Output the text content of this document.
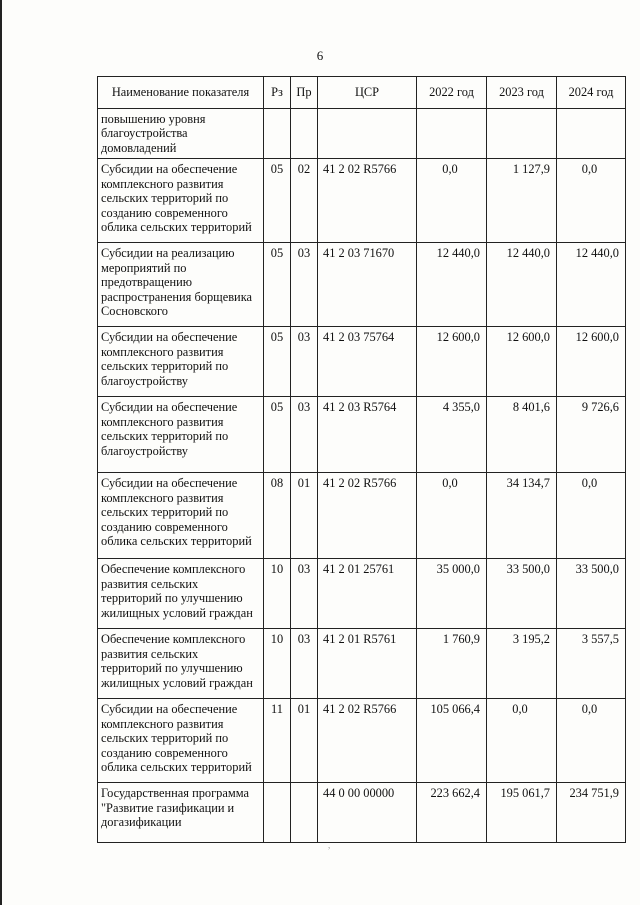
6
Наименование показателя	Рз	Пр	ЦСР	2022 год	2023 год	2024 год
повышению уровня благоустройства домовладений						
Субсидии на обеспечение комплексного развития сельских территорий по созданию современного облика сельских территорий	05	02	41 2 02 R5766	0,0	1 127,9	0,0
Субсидии на реализацию мероприятий по предотвращению распространения борщевика Сосновского	05	03	41 2 03 71670	12 440,0	12 440,0	12 440,0
Субсидии на обеспечение комплексного развития сельских территорий по благоустройству	05	03	41 2 03 75764	12 600,0	12 600,0	12 600,0
Субсидии на обеспечение комплексного развития сельских территорий по благоустройству	05	03	41 2 03 R5764	4 355,0	8 401,6	9 726,6
Субсидии на обеспечение комплексного развития сельских территорий по созданию современного облика сельских территорий	08	01	41 2 02 R5766	0,0	34 134,7	0,0
Обеспечение комплексного развития сельских территорий по улучшению жилищных условий граждан	10	03	41 2 01 25761	35 000,0	33 500,0	33 500,0
Обеспечение комплексного развития сельских территорий по улучшению жилищных условий граждан	10	03	41 2 01 R5761	1 760,9	3 195,2	3 557,5
Субсидии на обеспечение комплексного развития сельских территорий по созданию современного облика сельских территорий	11	01	41 2 02 R5766	105 066,4	0,0	0,0
Государственная программа "Развитие газификации и догазификации			44 0 00 00000	223 662,4	195 061,7	234 751,9
,
